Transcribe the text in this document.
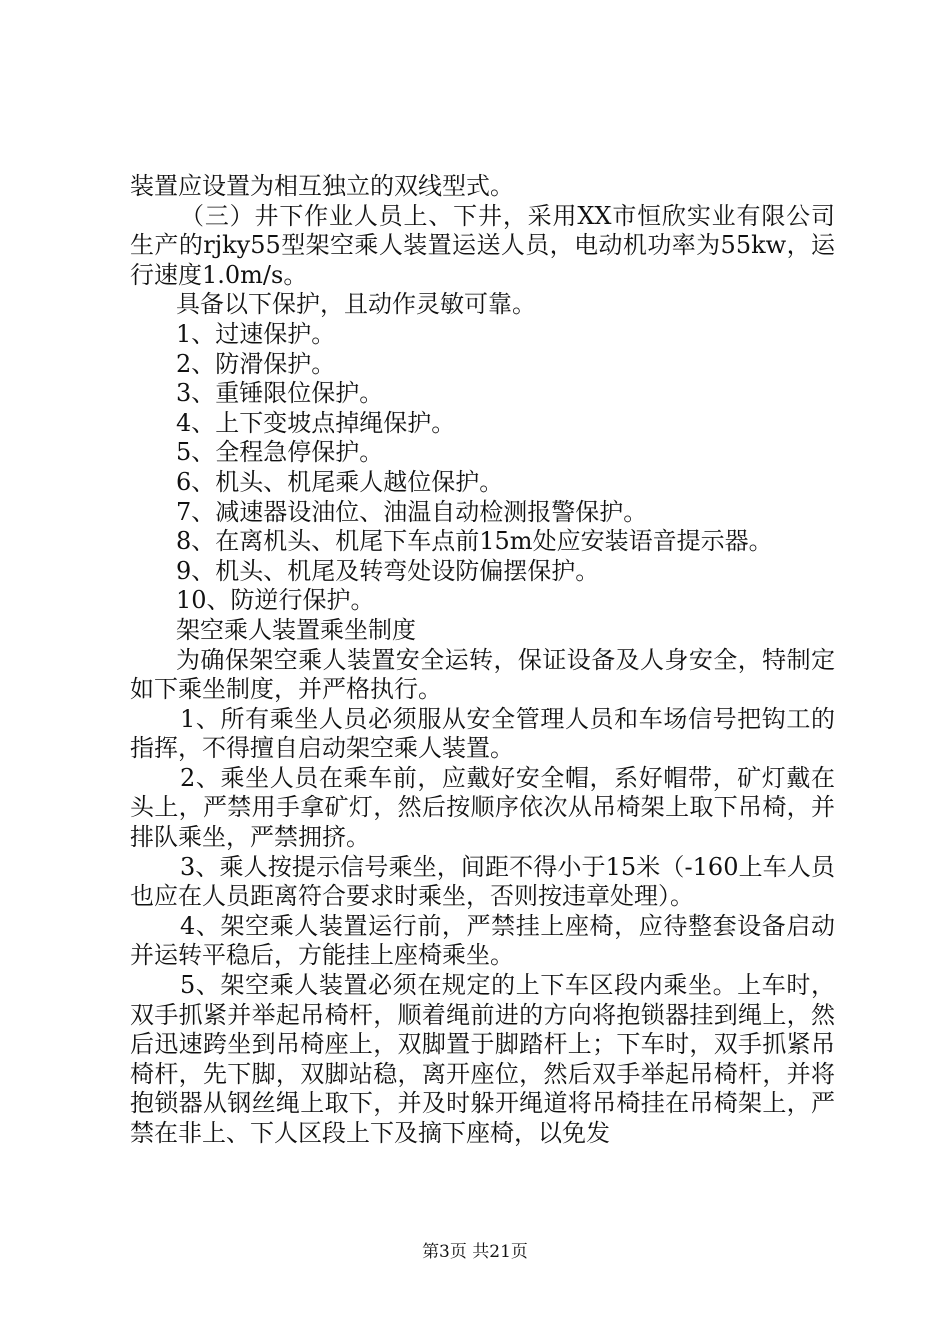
装置应设置为相互独立的双线型式。

（三）井下作业人员上、下井，采用XX市恒欣实业有限公司生产的rjky55型架空乘人装置运送人员，电动机功率为55kw，运行速度1.0m/s。

具备以下保护，且动作灵敏可靠。

1、过速保护。

2、防滑保护。

3、重锤限位保护。

4、上下变坡点掉绳保护。

5、全程急停保护。

6、机头、机尾乘人越位保护。

7、减速器设油位、油温自动检测报警保护。

8、在离机头、机尾下车点前15m处应安装语音提示器。

9、机头、机尾及转弯处设防偏摆保护。

10、防逆行保护。

架空乘人装置乘坐制度

为确保架空乘人装置安全运转，保证设备及人身安全，特制定如下乘坐制度，并严格执行。

1、所有乘坐人员必须服从安全管理人员和车场信号把钩工的指挥，不得擅自启动架空乘人装置。

2、乘坐人员在乘车前，应戴好安全帽，系好帽带，矿灯戴在头上，严禁用手拿矿灯，然后按顺序依次从吊椅架上取下吊椅，并排队乘坐，严禁拥挤。

3、乘人按提示信号乘坐，间距不得小于15米（-160上车人员也应在人员距离符合要求时乘坐，否则按违章处理）。

4、架空乘人装置运行前，严禁挂上座椅，应待整套设备启动并运转平稳后，方能挂上座椅乘坐。

5、架空乘人装置必须在规定的上下车区段内乘坐。上车时，双手抓紧并举起吊椅杆，顺着绳前进的方向将抱锁器挂到绳上，然后迅速跨坐到吊椅座上，双脚置于脚踏杆上；下车时，双手抓紧吊椅杆，先下脚，双脚站稳，离开座位，然后双手举起吊椅杆，并将抱锁器从钢丝绳上取下，并及时躲开绳道将吊椅挂在吊椅架上，严禁在非上、下人区段上下及摘下座椅，以免发

第3页 共21页
